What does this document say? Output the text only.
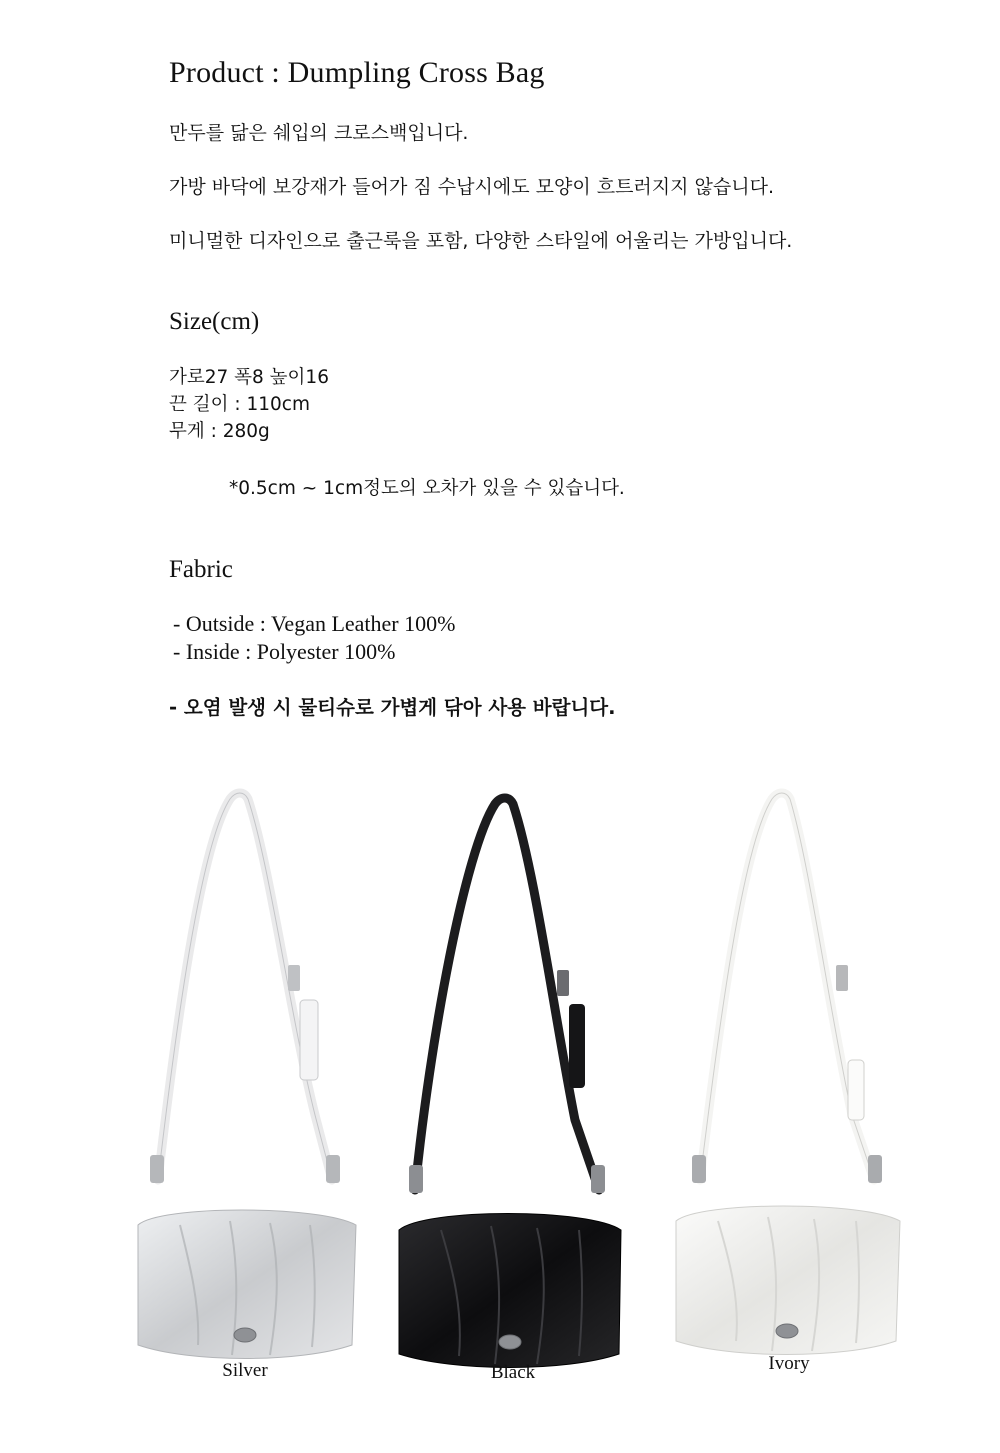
Product : Dumpling Cross Bag
만두를 닮은 쉐입의 크로스백입니다.
가방 바닥에 보강재가 들어가 짐 수납시에도 모양이 흐트러지지 않습니다.
미니멀한 디자인으로 출근룩을 포함, 다양한 스타일에 어울리는 가방입니다.
Size(cm)
가로27 폭8 높이16
끈 길이 : 110cm
무게 : 280g
*0.5cm ~ 1cm정도의 오차가 있을 수 있습니다.
Fabric
- Outside : Vegan Leather 100%
- Inside : Polyester 100%
- 오염 발생 시 물티슈로 가볍게 닦아 사용 바랍니다.
Silver	Black	Ivory
